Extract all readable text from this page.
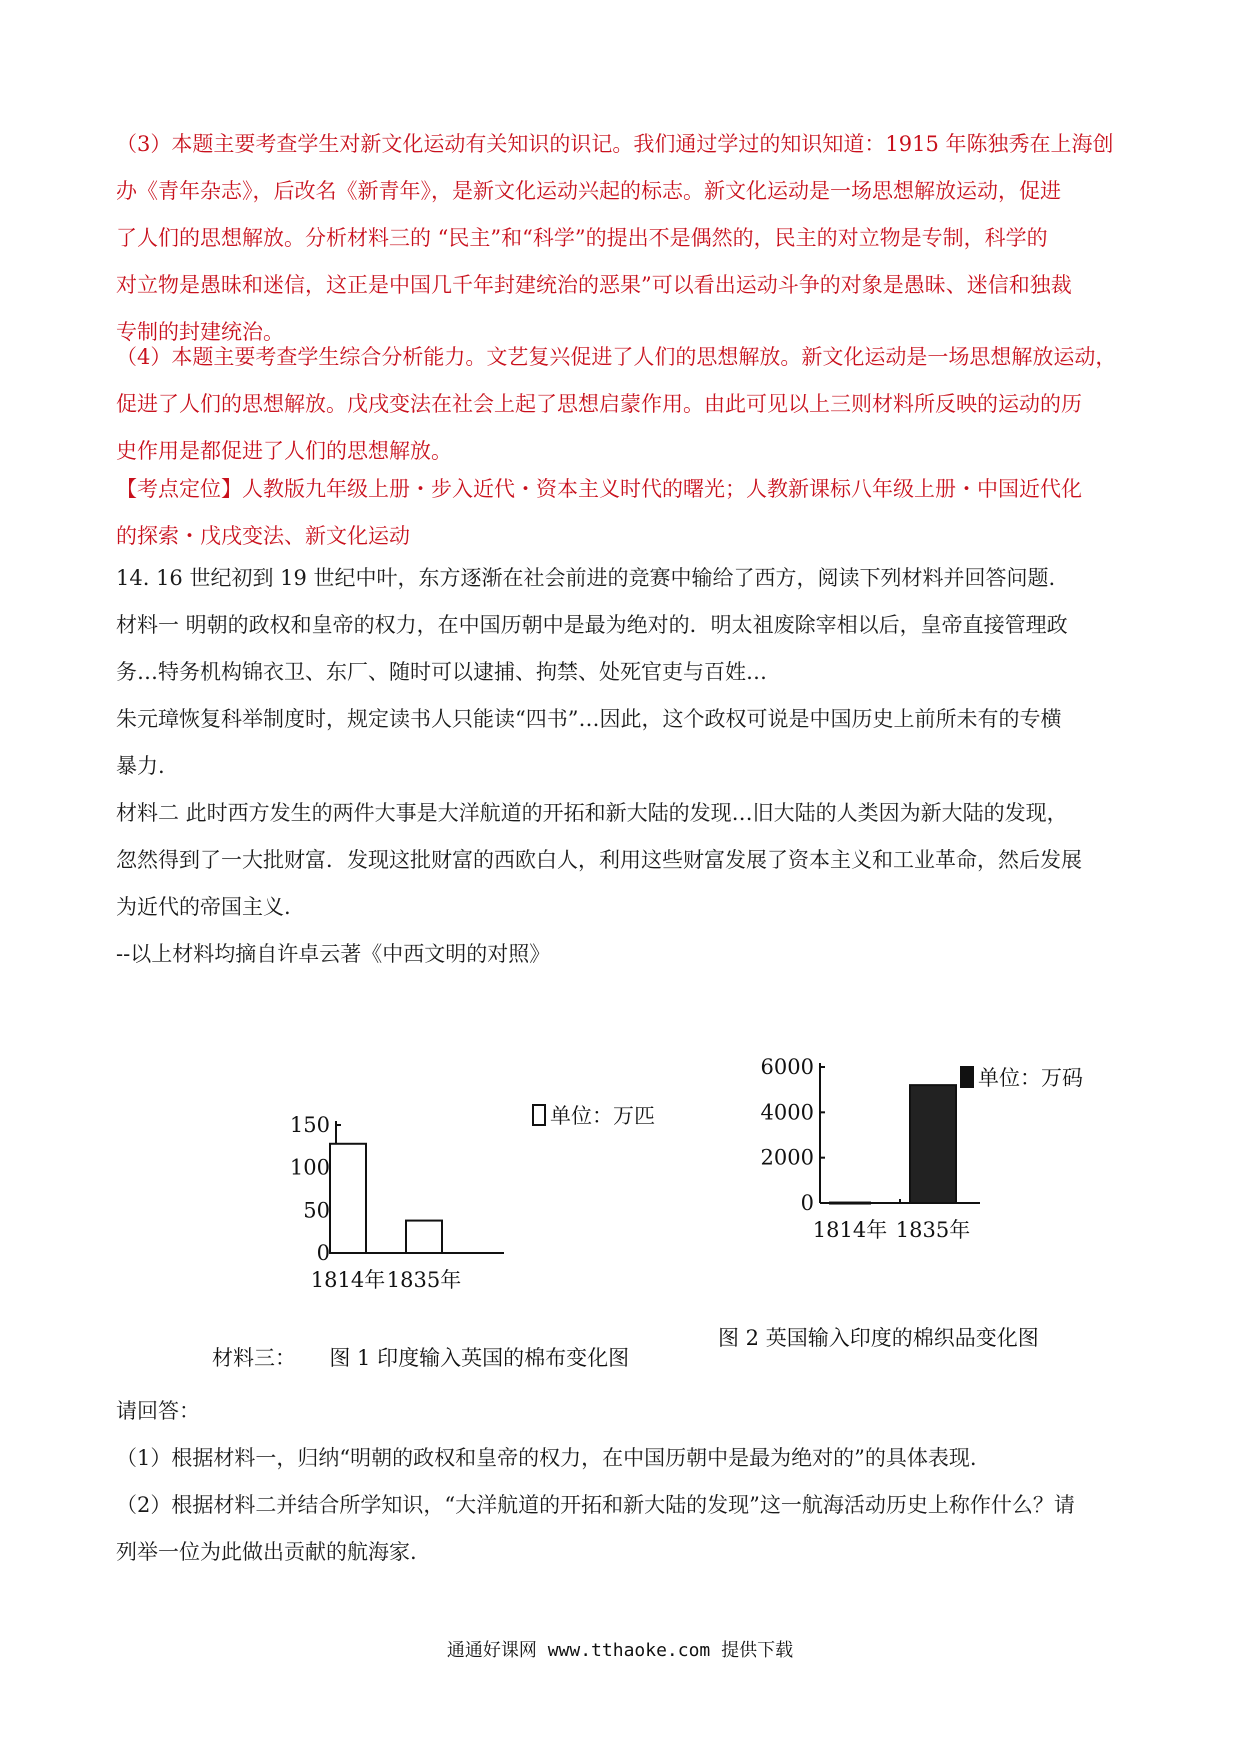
（3）本题主要考查学生对新文化运动有关知识的识记。我们通过学过的知识知道：1915 年陈独秀在上海创
办《青年杂志》，后改名《新青年》，是新文化运动兴起的标志。新文化运动是一场思想解放运动，促进
了人们的思想解放。分析材料三的 “民主”和“科学”的提出不是偶然的，民主的对立物是专制，科学的
对立物是愚昧和迷信，这正是中国几千年封建统治的恶果”可以看出运动斗争的对象是愚昧、迷信和独裁
专制的封建统治。
（4）本题主要考查学生综合分析能力。文艺复兴促进了人们的思想解放。新文化运动是一场思想解放运动，
促进了人们的思想解放。戊戌变法在社会上起了思想启蒙作用。由此可见以上三则材料所反映的运动的历
史作用是都促进了人们的思想解放。
【考点定位】人教版九年级上册・步入近代・资本主义时代的曙光；人教新课标八年级上册・中国近代化
的探索・戊戌变法、新文化运动
14. 16 世纪初到 19 世纪中叶，东方逐渐在社会前进的竞赛中输给了西方，阅读下列材料并回答问题.
材料一 明朝的政权和皇帝的权力，在中国历朝中是最为绝对的．明太祖废除宰相以后，皇帝直接管理政
务…特务机构锦衣卫、东厂、随时可以逮捕、拘禁、处死官吏与百姓…
朱元璋恢复科举制度时，规定读书人只能读“四书”…因此，这个政权可说是中国历史上前所未有的专横
暴力.
材料二 此时西方发生的两件大事是大洋航道的开拓和新大陆的发现…旧大陆的人类因为新大陆的发现，
忽然得到了一大批财富．发现这批财富的西欧白人，利用这些财富发展了资本主义和工业革命，然后发展
为近代的帝国主义.
--以上材料均摘自许卓云著《中西文明的对照》
150
100
50
0
1814年 1835年
单位：万匹
材料三： 图 1 印度输入英国的棉布变化图
6000
4000
2000
0
1814年 1835年
单位：万码
图 2 英国输入印度的棉织品变化图
请回答：
（1）根据材料一，归纳“明朝的政权和皇帝的权力，在中国历朝中是最为绝对的”的具体表现.
（2）根据材料二并结合所学知识，“大洋航道的开拓和新大陆的发现”这一航海活动历史上称作什么？请
列举一位为此做出贡献的航海家.
通通好课网 www.tthaoke.com 提供下载
